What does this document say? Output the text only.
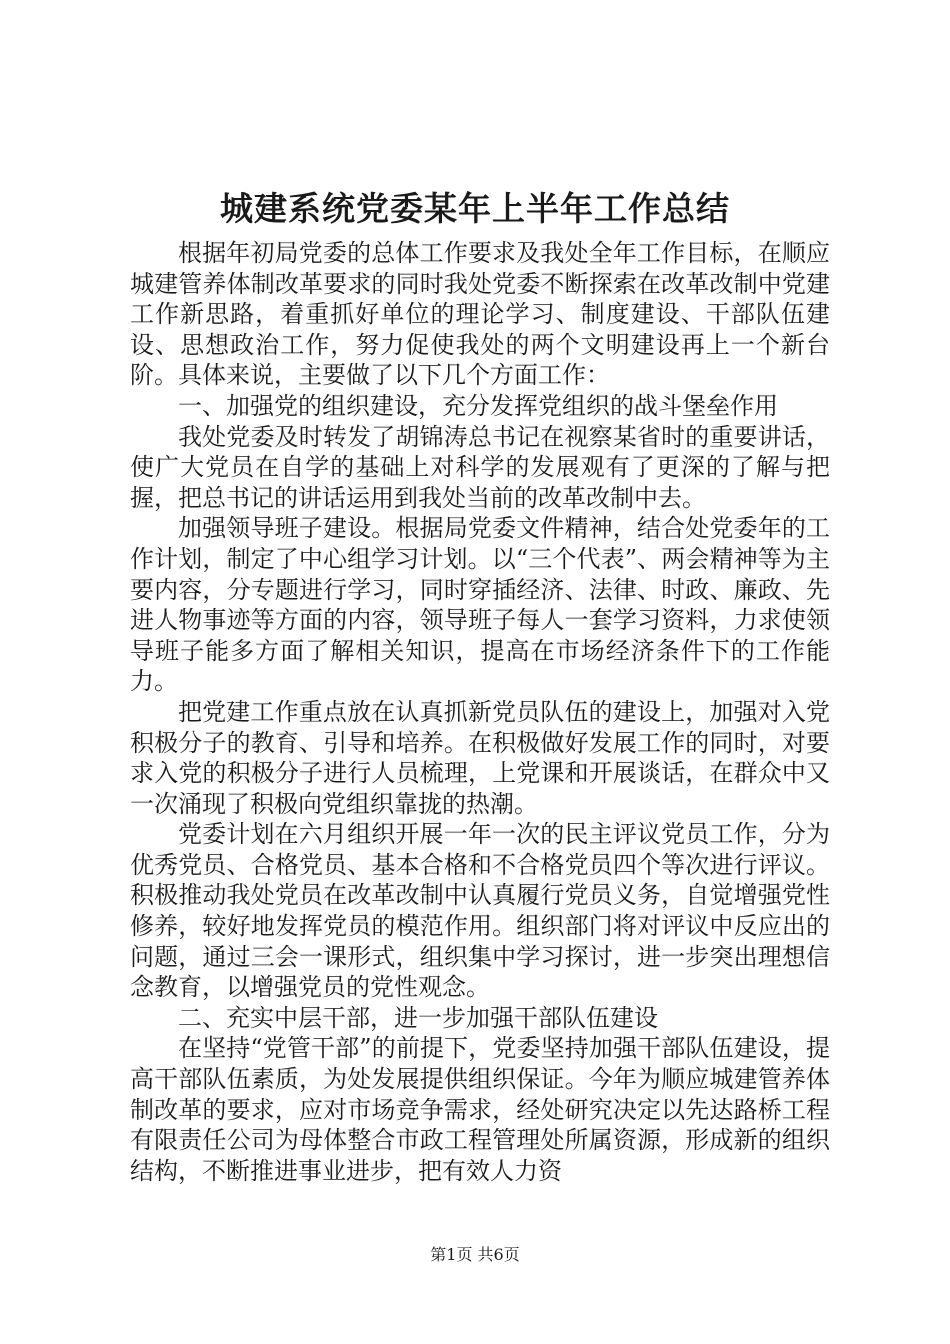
城建系统党委某年上半年工作总结

根据年初局党委的总体工作要求及我处全年工作目标，在顺应城建管养体制改革要求的同时我处党委不断探索在改革改制中党建工作新思路，着重抓好单位的理论学习、制度建设、干部队伍建设、思想政治工作，努力促使我处的两个文明建设再上一个新台阶。具体来说，主要做了以下几个方面工作：

一、加强党的组织建设，充分发挥党组织的战斗堡垒作用

我处党委及时转发了胡锦涛总书记在视察某省时的重要讲话，使广大党员在自学的基础上对科学的发展观有了更深的了解与把握，把总书记的讲话运用到我处当前的改革改制中去。

加强领导班子建设。根据局党委文件精神，结合处党委年的工作计划，制定了中心组学习计划。以“三个代表”、两会精神等为主要内容，分专题进行学习，同时穿插经济、法律、时政、廉政、先进人物事迹等方面的内容，领导班子每人一套学习资料，力求使领导班子能多方面了解相关知识，提高在市场经济条件下的工作能力。

把党建工作重点放在认真抓新党员队伍的建设上，加强对入党积极分子的教育、引导和培养。在积极做好发展工作的同时，对要求入党的积极分子进行人员梳理，上党课和开展谈话，在群众中又一次涌现了积极向党组织靠拢的热潮。

党委计划在六月组织开展一年一次的民主评议党员工作，分为优秀党员、合格党员、基本合格和不合格党员四个等次进行评议。积极推动我处党员在改革改制中认真履行党员义务，自觉增强党性修养，较好地发挥党员的模范作用。组织部门将对评议中反应出的问题，通过三会一课形式，组织集中学习探讨，进一步突出理想信念教育，以增强党员的党性观念。

二、充实中层干部，进一步加强干部队伍建设

在坚持“党管干部”的前提下，党委坚持加强干部队伍建设，提高干部队伍素质，为处发展提供组织保证。今年为顺应城建管养体制改革的要求，应对市场竞争需求，经处研究决定以先达路桥工程有限责任公司为母体整合市政工程管理处所属资源，形成新的组织结构，不断推进事业进步，把有效人力资

第1页 共6页
